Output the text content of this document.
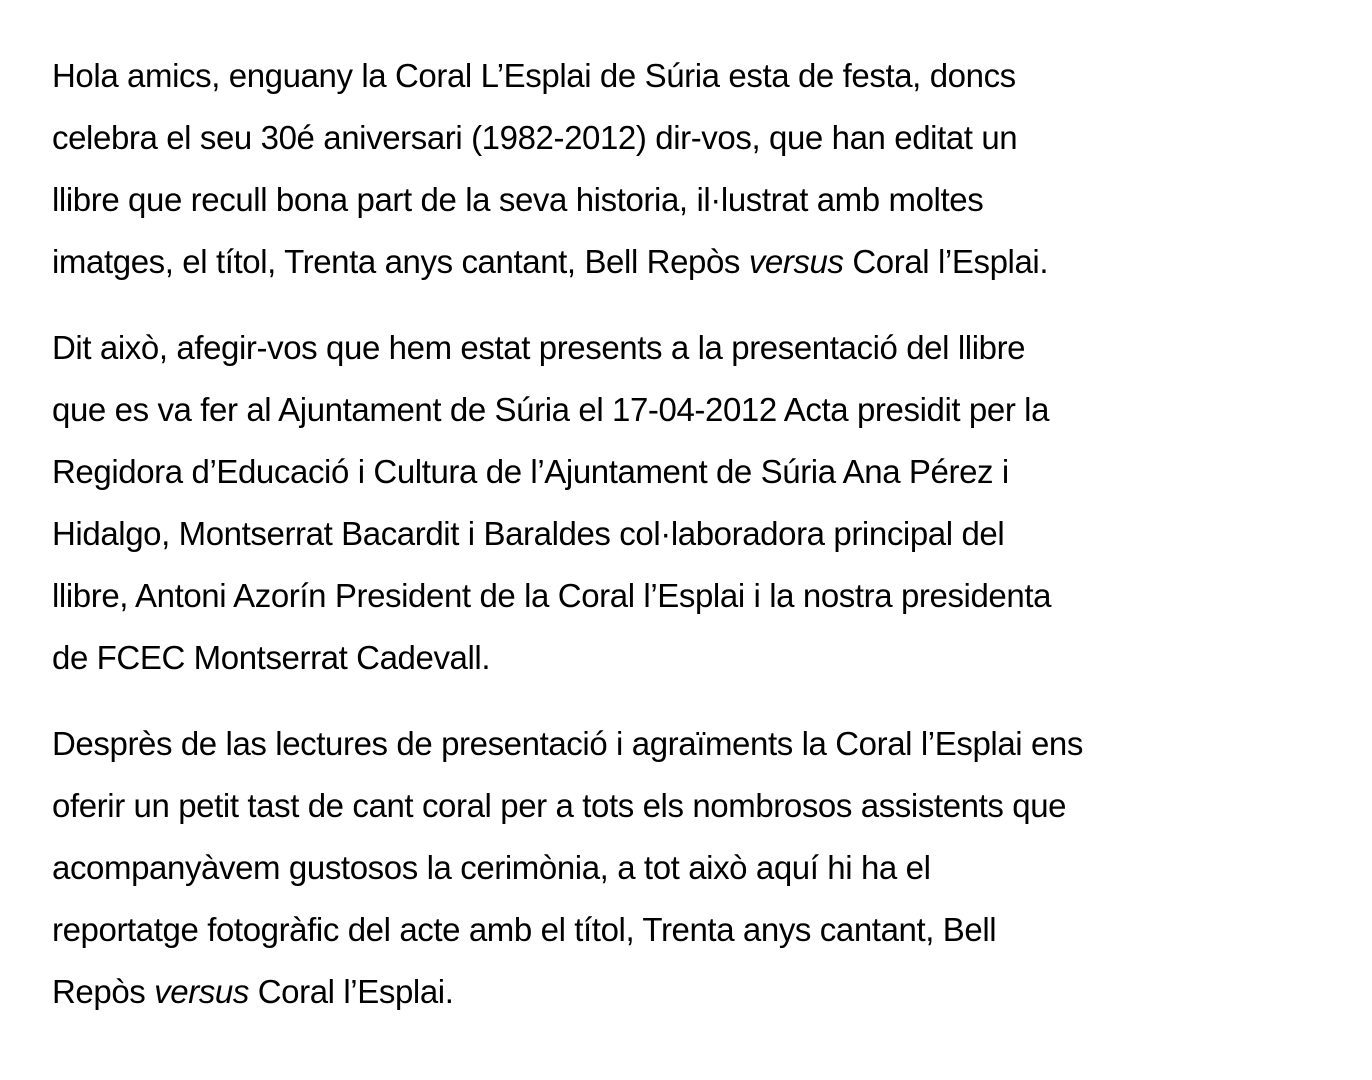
Hola amics, enguany la Coral L’Esplai de Súria esta de festa, doncs
celebra el seu 30é aniversari (1982-2012) dir-vos, que han editat un
llibre que recull bona part de la seva historia, il·lustrat amb moltes
imatges, el títol, Trenta anys cantant, Bell Repòs versus Coral l’Esplai.

Dit això, afegir-vos que hem estat presents a la presentació del llibre
que es va fer al Ajuntament de Súria el 17-04-2012 Acta presidit per la
Regidora d’Educació i Cultura de l’Ajuntament de Súria Ana Pérez i
Hidalgo, Montserrat Bacardit i Baraldes col·laboradora principal del
llibre, Antoni Azorín President de la Coral l’Esplai i la nostra presidenta
de FCEC Montserrat Cadevall.

Desprès de las lectures de presentació i agraïments la Coral l’Esplai ens
oferir un petit tast de cant coral per a tots els nombrosos assistents que
acompanyàvem gustosos la cerimònia, a tot això aquí hi ha el
reportatge fotogràfic del acte amb el títol, Trenta anys cantant, Bell
Repòs versus Coral l’Esplai.
